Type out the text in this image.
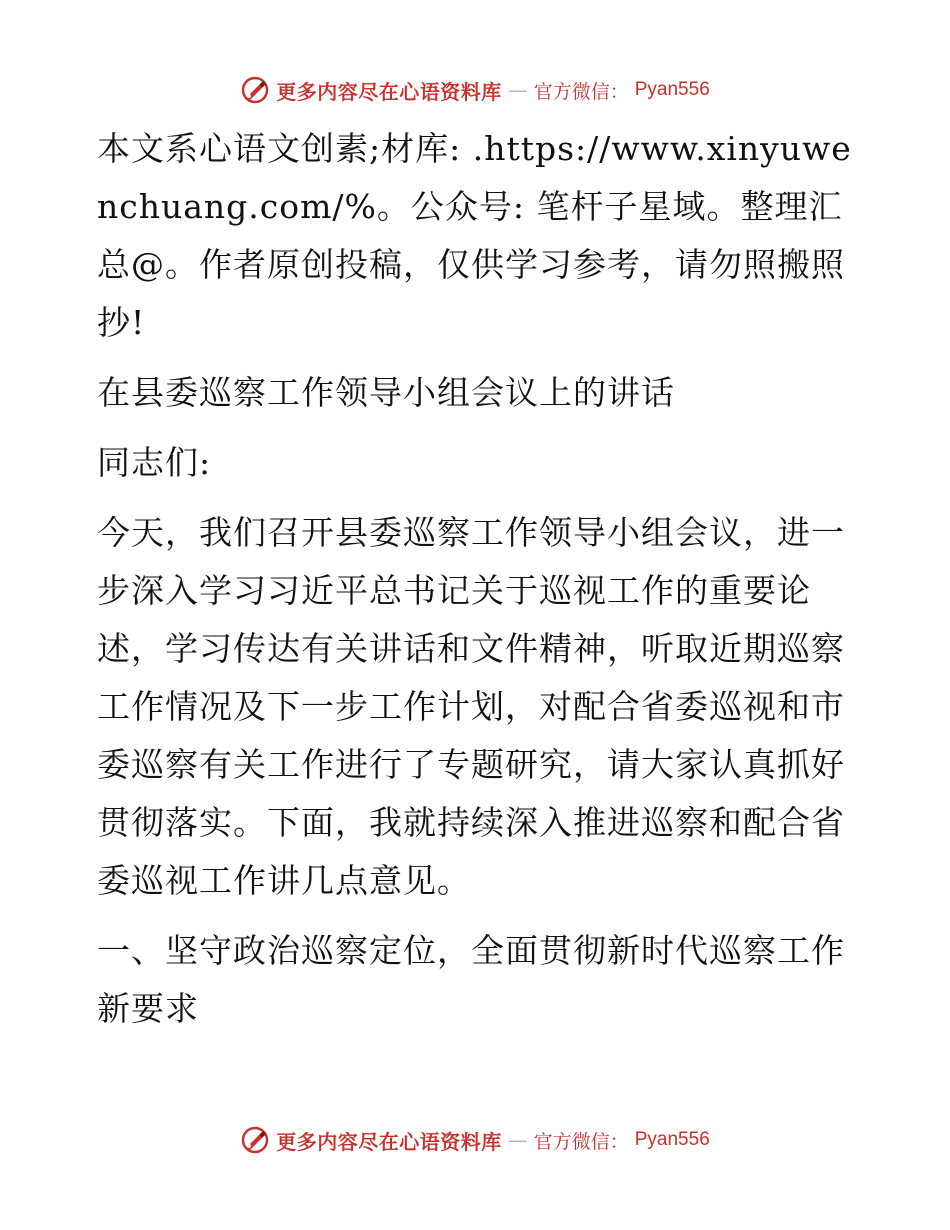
更多内容尽在心语资料库 — 官方微信： Pyan556

本文系心语文创素;材库: .https://www.xinyuwenchuang.com/%。公众号: 笔杆子星域。整理汇总@。作者原创投稿，仅供学习参考，请勿照搬照抄!

在县委巡察工作领导小组会议上的讲话

同志们:

今天，我们召开县委巡察工作领导小组会议，进一步深入学习习近平总书记关于巡视工作的重要论述，学习传达有关讲话和文件精神，听取近期巡察工作情况及下一步工作计划，对配合省委巡视和市委巡察有关工作进行了专题研究，请大家认真抓好贯彻落实。下面，我就持续深入推进巡察和配合省委巡视工作讲几点意见。

一、坚守政治巡察定位，全面贯彻新时代巡察工作新要求

更多内容尽在心语资料库 — 官方微信： Pyan556
